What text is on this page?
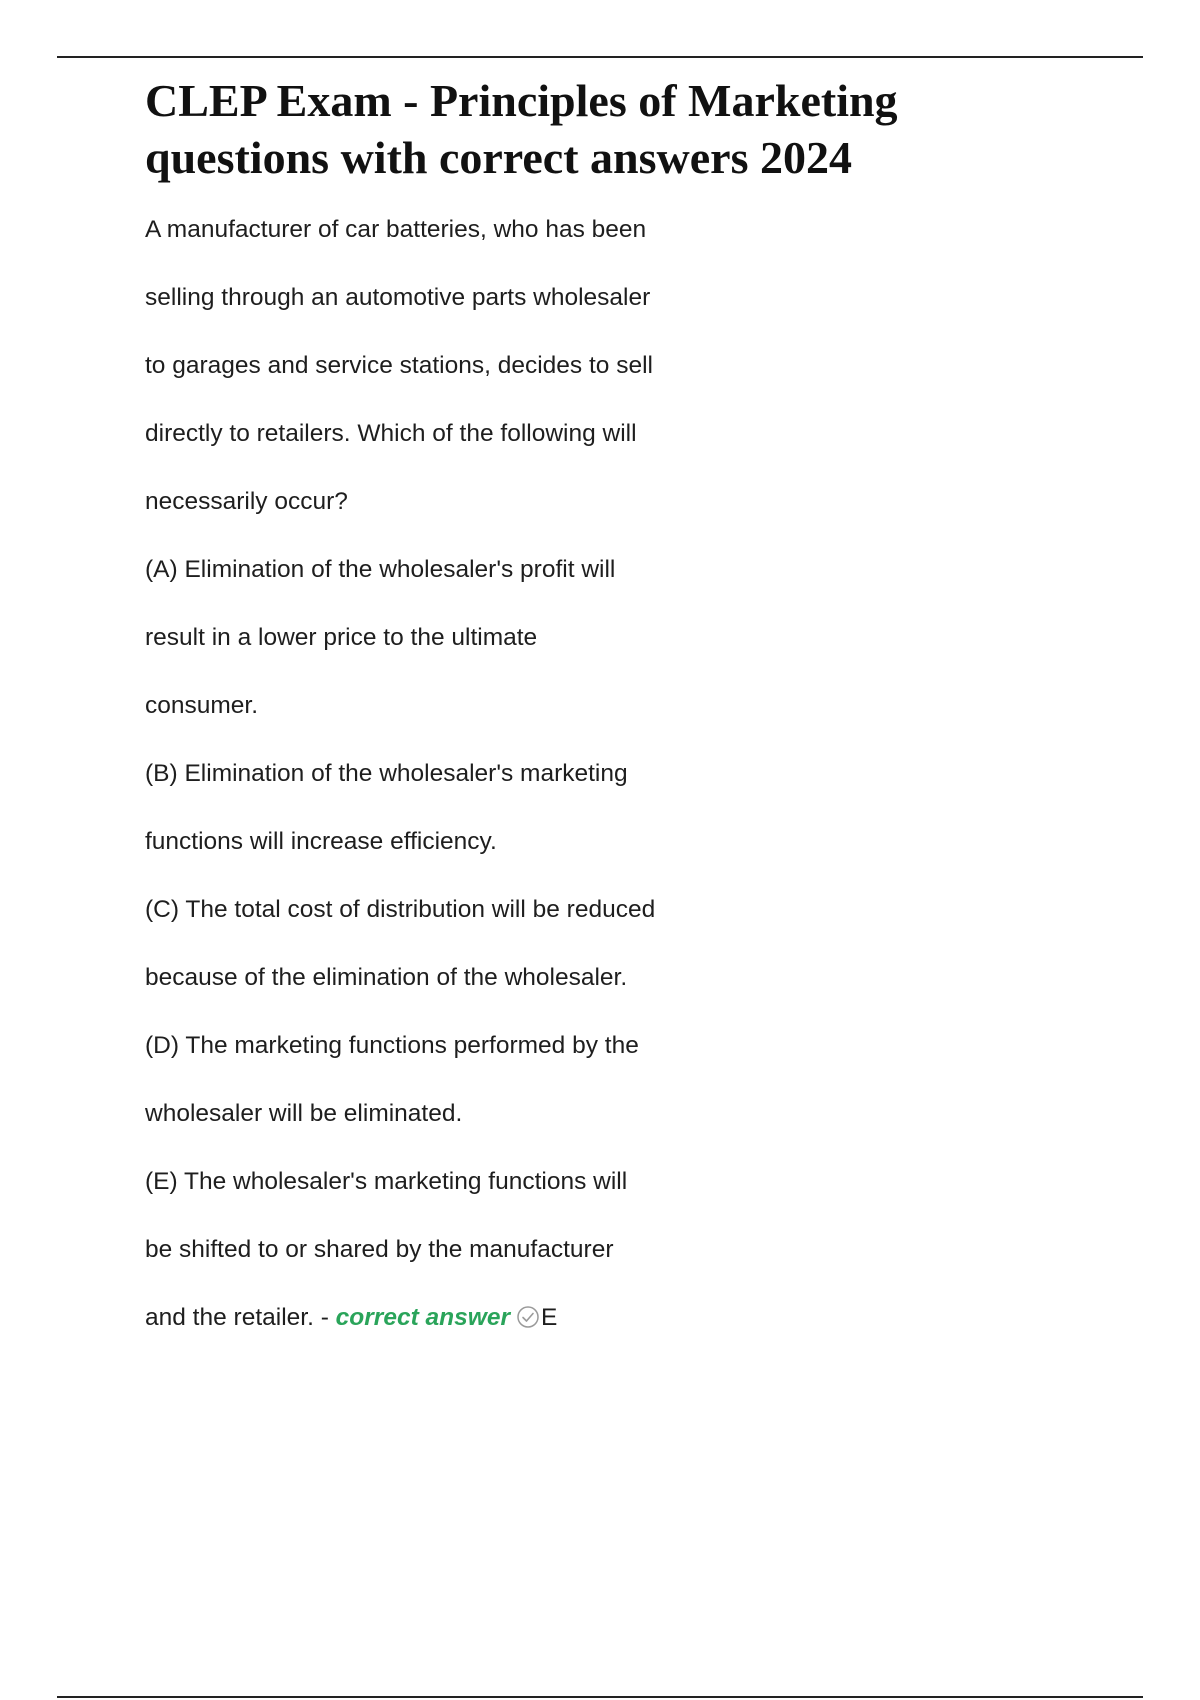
CLEP Exam - Principles of Marketing
questions with correct answers 2024
A manufacturer of car batteries, who has been
selling through an automotive parts wholesaler
to garages and service stations, decides to sell
directly to retailers. Which of the following will
necessarily occur?
(A) Elimination of the wholesaler's profit will
result in a lower price to the ultimate
consumer.
(B) Elimination of the wholesaler's marketing
functions will increase efficiency.
(C) The total cost of distribution will be reduced
because of the elimination of the wholesaler.
(D) The marketing functions performed by the
wholesaler will be eliminated.
(E) The wholesaler's marketing functions will
be shifted to or shared by the manufacturer
and the retailer. - correct answer E
